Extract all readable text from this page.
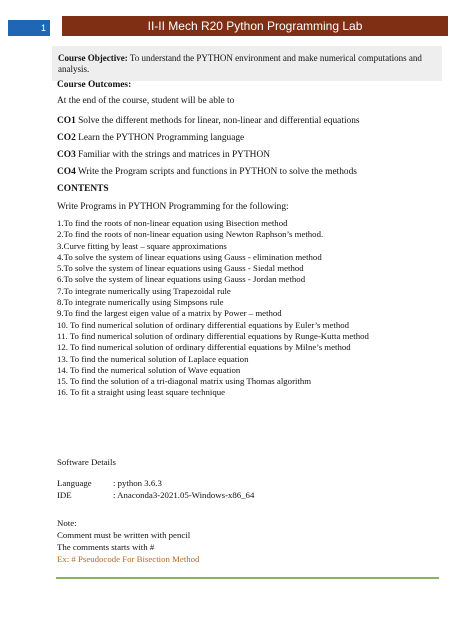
1	II-II Mech R20 Python Programming Lab
Course Objective: To understand the PYTHON environment and make numerical computations and analysis.
Course Outcomes:
At the end of the course, student will be able to
CO1 Solve the different methods for linear, non-linear and differential equations
CO2 Learn the PYTHON Programming language
CO3 Familiar with the strings and matrices in PYTHON
CO4 Write the Program scripts and functions in PYTHON to solve the methods
CONTENTS
Write Programs in PYTHON Programming for the following:
1.To find the roots of non-linear equation using Bisection method
2.To find the roots of non-linear equation using Newton Raphson’s method.
3.Curve fitting by least – square approximations
4.To solve the system of linear equations using Gauss - elimination method
5.To solve the system of linear equations using Gauss - Siedal method
6.To solve the system of linear equations using Gauss - Jordan method
7.To integrate numerically using Trapezoidal rule
8.To integrate numerically using Simpsons rule
9.To find the largest eigen value of a matrix by Power – method
10. To find numerical solution of ordinary differential equations by Euler’s method
11. To find numerical solution of ordinary differential equations by Runge-Kutta method
12. To find numerical solution of ordinary differential equations by Milne’s method
13. To find the numerical solution of Laplace equation
14. To find the numerical solution of Wave equation
15. To find the solution of a tri-diagonal matrix using Thomas algorithm
16. To fit a straight using least square technique
Software Details
Language	: python 3.6.3
IDE	: Anaconda3-2021.05-Windows-x86_64
Note:
Comment must be written with pencil
The comments starts with #
Ex: # Pseudocode For Bisection Method
